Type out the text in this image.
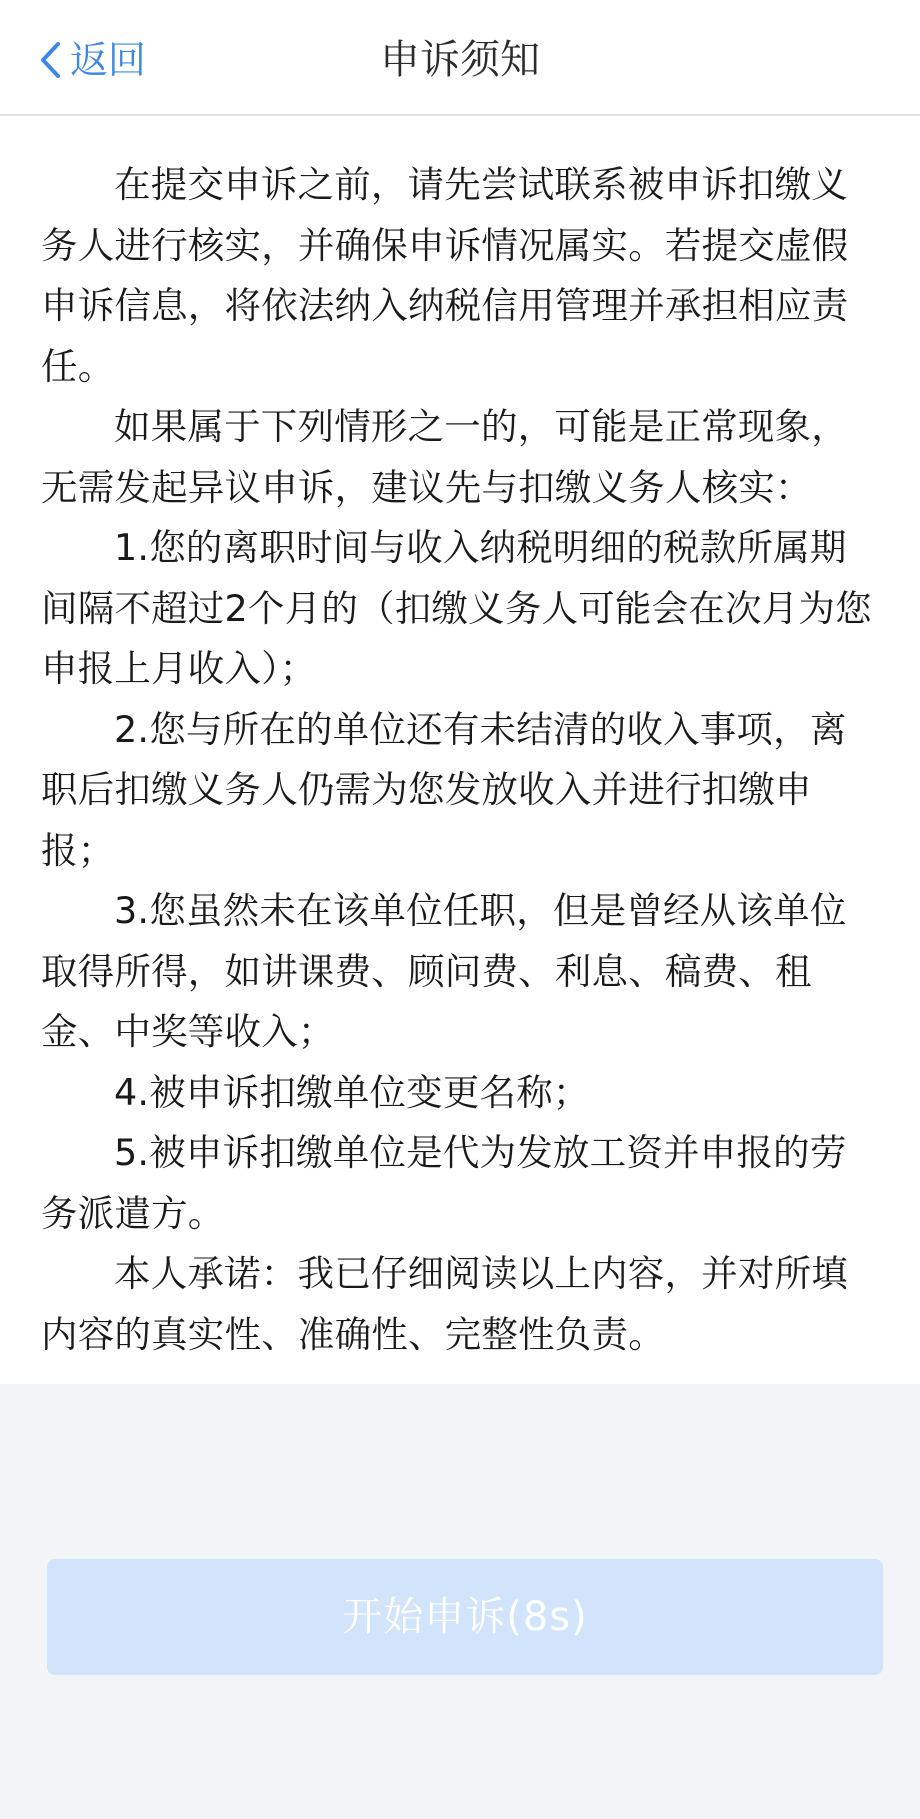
返回	申诉须知

在提交申诉之前，请先尝试联系被申诉扣缴义务人进行核实，并确保申诉情况属实。若提交虚假申诉信息，将依法纳入纳税信用管理并承担相应责任。

如果属于下列情形之一的，可能是正常现象，无需发起异议申诉，建议先与扣缴义务人核实：

1.您的离职时间与收入纳税明细的税款所属期间隔不超过2个月的（扣缴义务人可能会在次月为您申报上月收入）；

2.您与所在的单位还有未结清的收入事项，离职后扣缴义务人仍需为您发放收入并进行扣缴申报；

3.您虽然未在该单位任职，但是曾经从该单位取得所得，如讲课费、顾问费、利息、稿费、租金、中奖等收入；

4.被申诉扣缴单位变更名称；

5.被申诉扣缴单位是代为发放工资并申报的劳务派遣方。

本人承诺：我已仔细阅读以上内容，并对所填内容的真实性、准确性、完整性负责。

开始申诉(8s)
